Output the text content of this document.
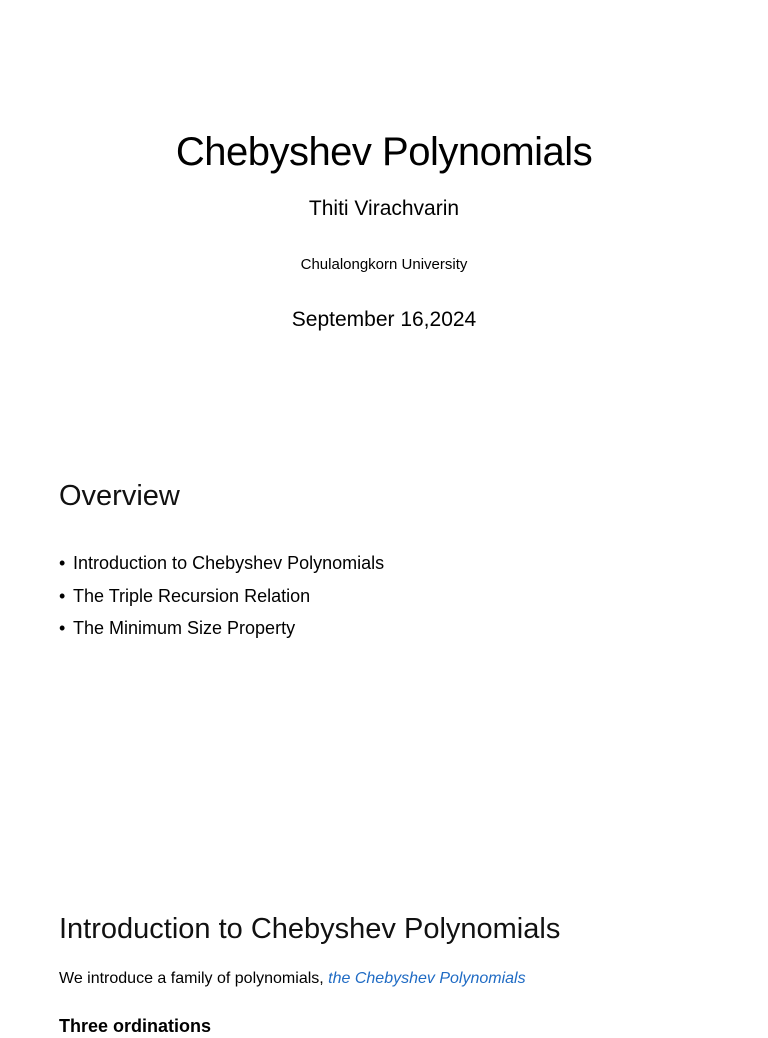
Chebyshev Polynomials
Thiti Virachvarin
Chulalongkorn University
September 16,2024
Overview
• Introduction to Chebyshev Polynomials
• The Triple Recursion Relation
• The Minimum Size Property
Introduction to Chebyshev Polynomials
We introduce a family of polynomials, the Chebyshev Polynomials
Three ordinations
